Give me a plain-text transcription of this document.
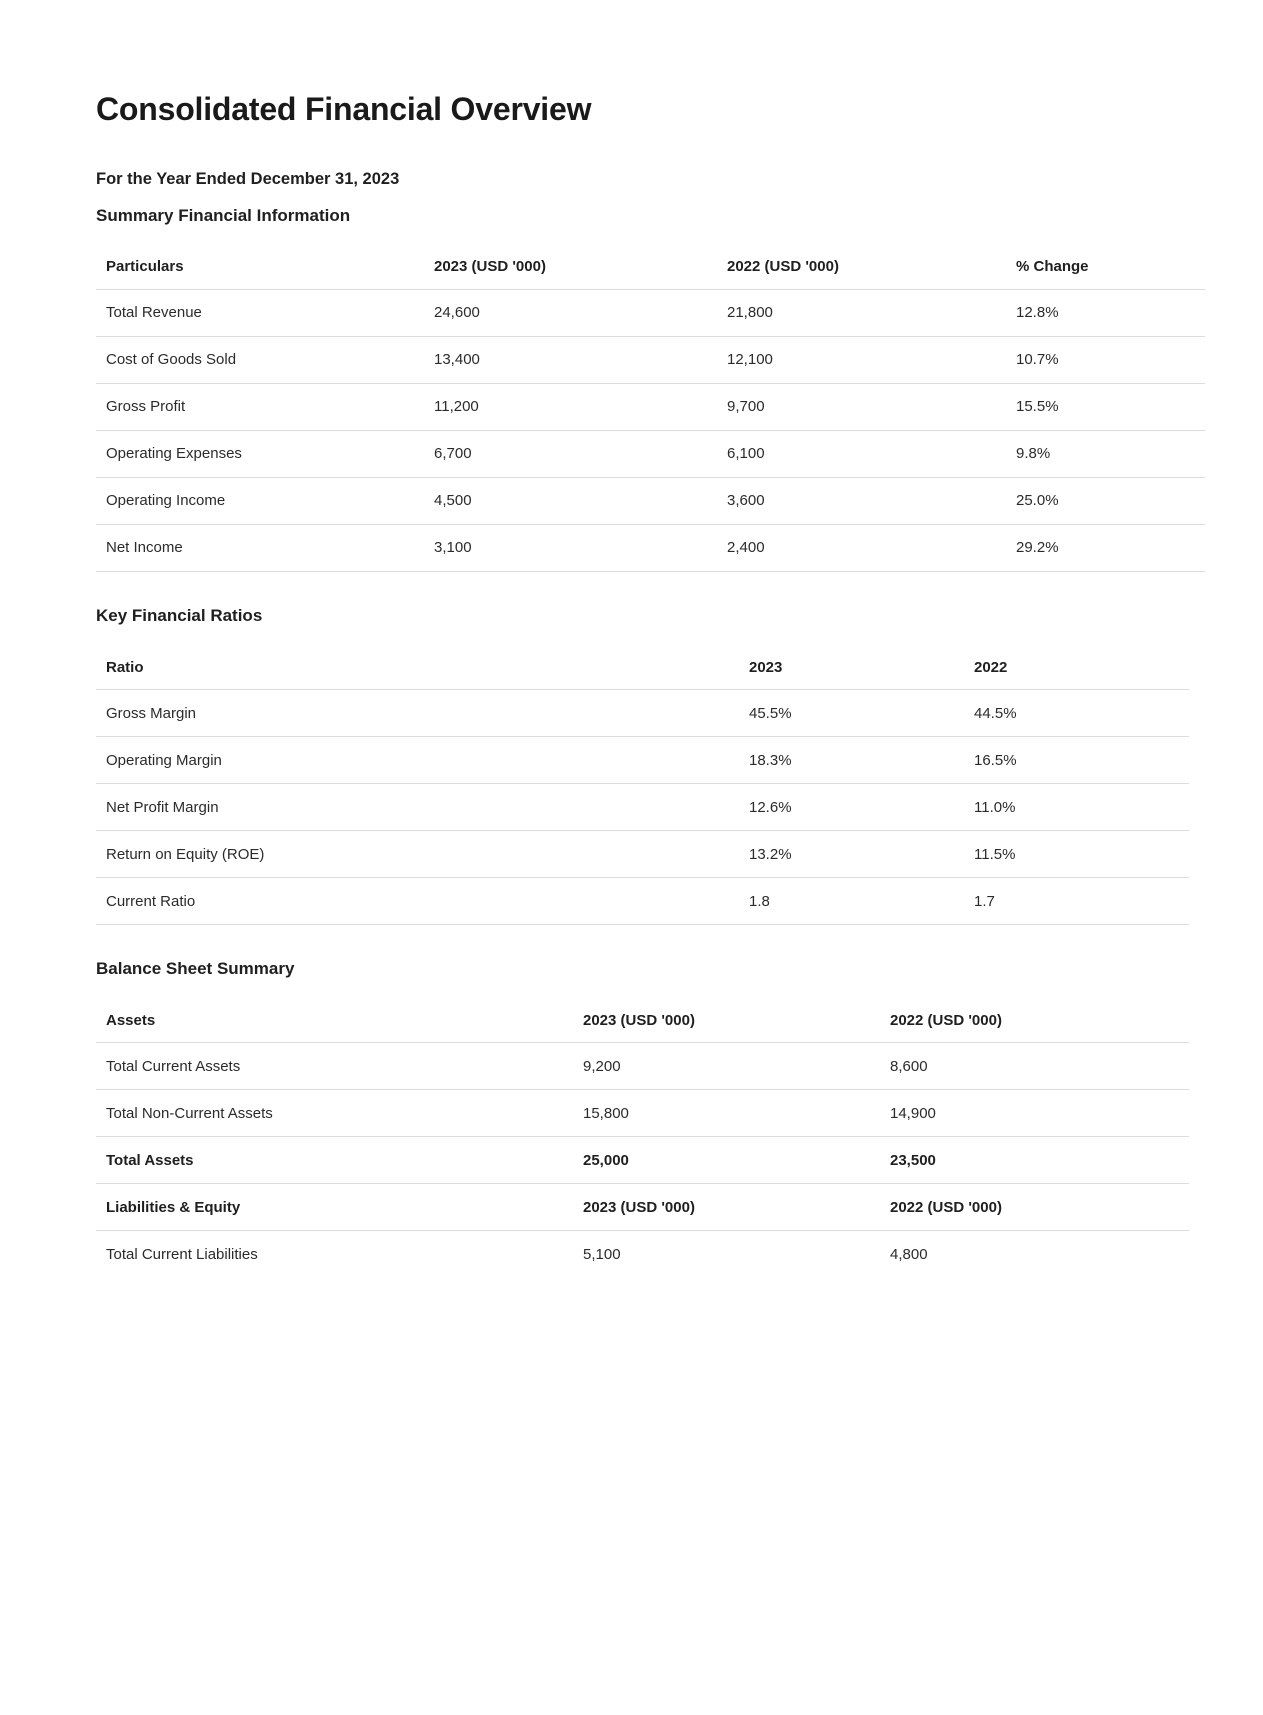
Consolidated Financial Overview
For the Year Ended December 31, 2023
Summary Financial Information
Particulars	2023 (USD '000)	2022 (USD '000)	% Change
Total Revenue	24,600	21,800	12.8%
Cost of Goods Sold	13,400	12,100	10.7%
Gross Profit	11,200	9,700	15.5%
Operating Expenses	6,700	6,100	9.8%
Operating Income	4,500	3,600	25.0%
Net Income	3,100	2,400	29.2%
Key Financial Ratios
Ratio	2023	2022
Gross Margin	45.5%	44.5%
Operating Margin	18.3%	16.5%
Net Profit Margin	12.6%	11.0%
Return on Equity (ROE)	13.2%	11.5%
Current Ratio	1.8	1.7
Balance Sheet Summary
Assets	2023 (USD '000)	2022 (USD '000)
Total Current Assets	9,200	8,600
Total Non-Current Assets	15,800	14,900
Total Assets	25,000	23,500
Liabilities & Equity	2023 (USD '000)	2022 (USD '000)
Total Current Liabilities	5,100	4,800
